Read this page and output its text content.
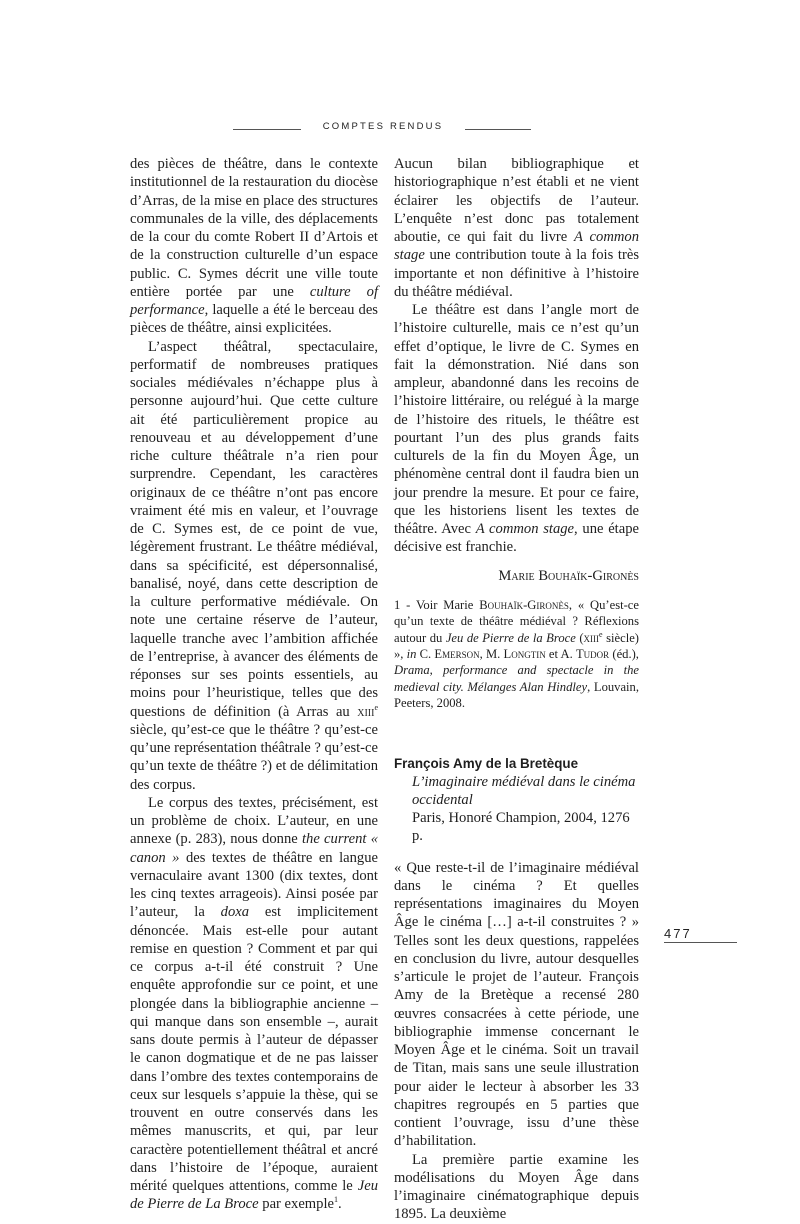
COMPTES RENDUS

des pièces de théâtre, dans le contexte institutionnel de la restauration du diocèse d’Arras, de la mise en place des structures communales de la ville, des déplacements de la cour du comte Robert II d’Artois et de la construction culturelle d’un espace public. C. Symes décrit une ville toute entière portée par une culture of performance, laquelle a été le berceau des pièces de théâtre, ainsi explicitées.

L’aspect théâtral, spectaculaire, performatif de nombreuses pratiques sociales médiévales n’échappe plus à personne aujourd’hui. Que cette culture ait été particulièrement propice au renouveau et au développement d’une riche culture théâtrale n’a rien pour surprendre. Cependant, les caractères originaux de ce théâtre n’ont pas encore vraiment été mis en valeur, et l’ouvrage de C. Symes est, de ce point de vue, légèrement frustrant. Le théâtre médiéval, dans sa spécificité, est dépersonnalisé, banalisé, noyé, dans cette description de la culture performative médiévale. On note une certaine réserve de l’auteur, laquelle tranche avec l’ambition affichée de l’entreprise, à avancer des éléments de réponses sur ses points essentiels, au moins pour l’heuristique, telles que des questions de définition (à Arras au xiii$^e$ siècle, qu’est-ce que le théâtre ? qu’est-ce qu’une représentation théâtrale ? qu’est-ce qu’un texte de théâtre ?) et de délimitation des corpus.

Le corpus des textes, précisément, est un problème de choix. L’auteur, en une annexe (p. 283), nous donne the current « canon » des textes de théâtre en langue vernaculaire avant 1300 (dix textes, dont les cinq textes arrageois). Ainsi posée par l’auteur, la doxa est implicitement dénoncée. Mais est-elle pour autant remise en question ? Comment et par qui ce corpus a-t-il été construit ? Une enquête approfondie sur ce point, et une plongée dans la bibliographie ancienne – qui manque dans son ensemble –, aurait sans doute permis à l’auteur de dépasser le canon dogmatique et de ne pas laisser dans l’ombre des textes contemporains de ceux sur lesquels s’appuie la thèse, qui se trouvent en outre conservés dans les mêmes manuscrits, et qui, par leur caractère potentiellement théâtral et ancré dans l’histoire de l’époque, auraient mérité quelques attentions, comme le Jeu de Pierre de La Broce par exemple$^1$.

Aucun bilan bibliographique et historiographique n’est établi et ne vient éclairer les objectifs de l’auteur. L’enquête n’est donc pas totalement aboutie, ce qui fait du livre A common stage une contribution toute à la fois très importante et non définitive à l’histoire du théâtre médiéval.

Le théâtre est dans l’angle mort de l’histoire culturelle, mais ce n’est qu’un effet d’optique, le livre de C. Symes en fait la démonstration. Nié dans son ampleur, abandonné dans les recoins de l’histoire littéraire, ou relégué à la marge de l’histoire des rituels, le théâtre est pourtant l’un des plus grands faits culturels de la fin du Moyen Âge, un phénomène central dont il faudra bien un jour prendre la mesure. Et pour ce faire, que les historiens lisent les textes de théâtre. Avec A common stage, une étape décisive est franchie.

Marie Bouhaïk-Gironès

1 - Voir Marie Bouhaïk-Gironès, « Qu’est-ce qu’un texte de théâtre médiéval ? Réflexions autour du Jeu de Pierre de la Broce (xiii$^e$ siècle) », in C. Emerson, M. Longtin et A. Tudor (éd.), Drama, performance and spectacle in the medieval city. Mélanges Alan Hindley, Louvain, Peeters, 2008.

François Amy de la Bretèque
L’imaginaire médiéval dans le cinéma occidental
Paris, Honoré Champion, 2004, 1276 p.

« Que reste-t-il de l’imaginaire médiéval dans le cinéma ? Et quelles représentations imaginaires du Moyen Âge le cinéma […] a-t-il construites ? » Telles sont les deux questions, rappelées en conclusion du livre, autour desquelles s’articule le projet de l’auteur. François Amy de la Bretèque a recensé 280 œuvres consacrées à cette période, une bibliographie immense concernant le Moyen Âge et le cinéma. Soit un travail de Titan, mais sans une seule illustration pour aider le lecteur à absorber les 33 chapitres regroupés en 5 parties que contient l’ouvrage, issu d’une thèse d’habilitation.

La première partie examine les modélisations du Moyen Âge dans l’imaginaire cinématographique depuis 1895. La deuxième

477
